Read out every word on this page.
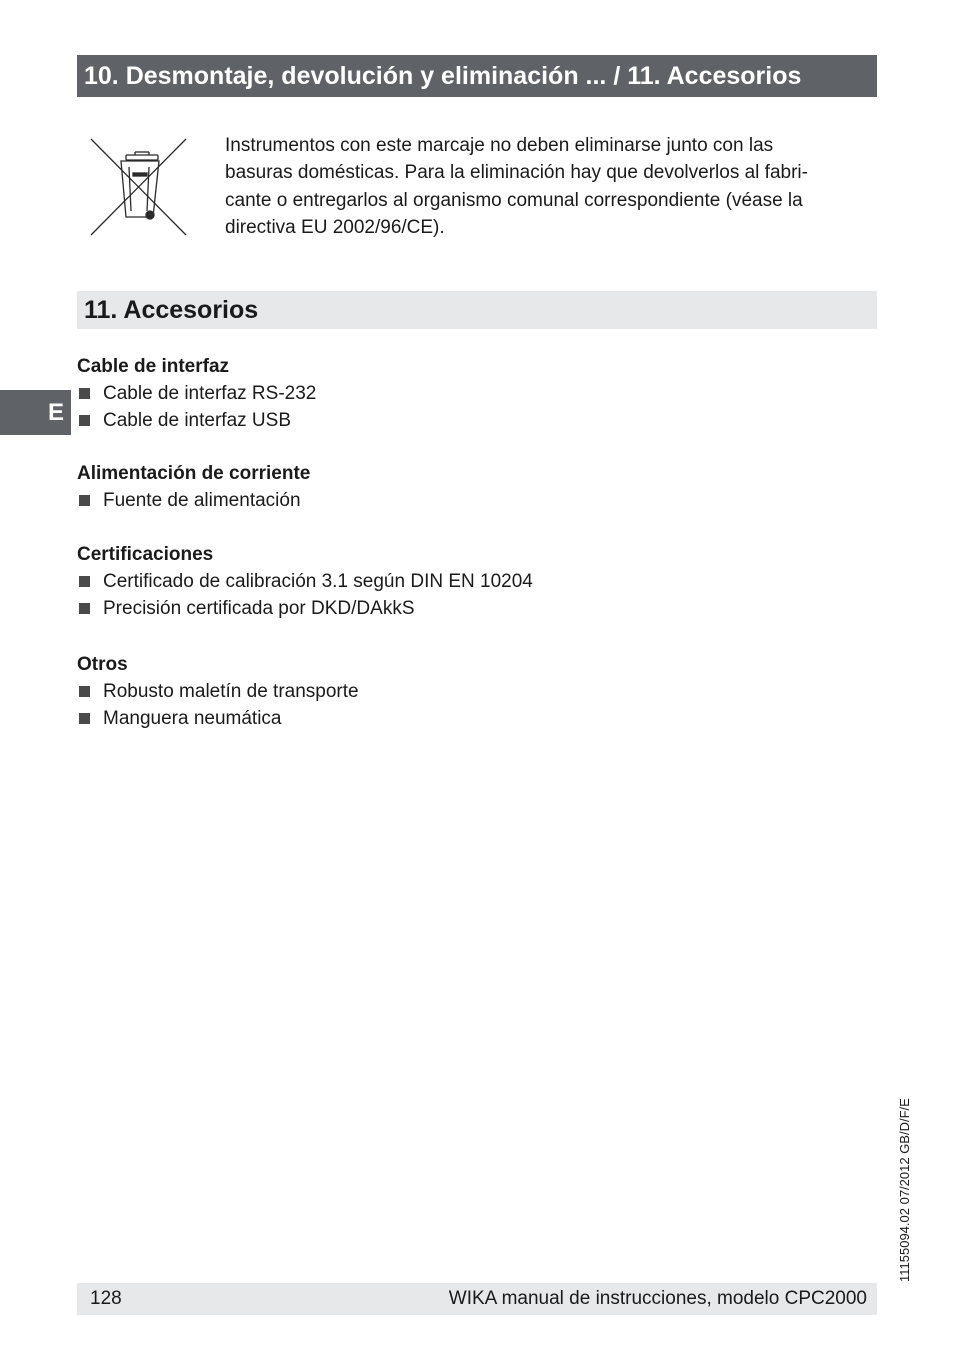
10. Desmontaje, devolución y eliminación ... / 11. Accesorios
Instrumentos con este marcaje no deben eliminarse junto con las
basuras domésticas. Para la eliminación hay que devolverlos al fabri-
cante o entregarlos al organismo comunal correspondiente (véase la
directiva EU 2002/96/CE).
11. Accesorios
E
Cable de interfaz
Cable de interfaz RS-232
Cable de interfaz USB
Alimentación de corriente
Fuente de alimentación
Certificaciones
Certificado de calibración 3.1 según DIN EN 10204
Precisión certificada por DKD/DAkkS
Otros
Robusto maletín de transporte
Manguera neumática
11155094.02 07/2012 GB/D/F/E
128	WIKA manual de instrucciones, modelo CPC2000
